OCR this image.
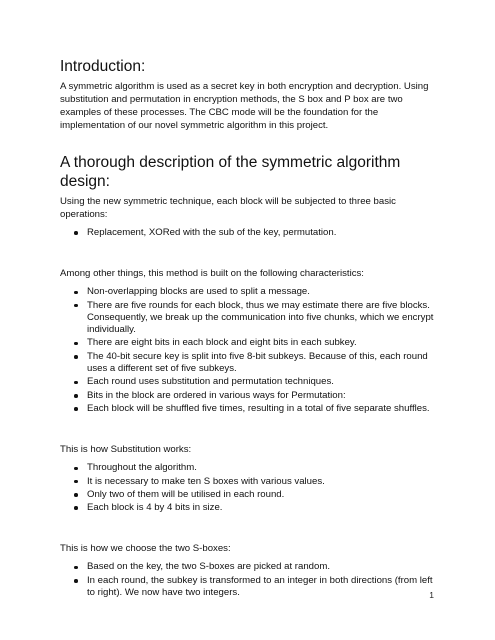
Introduction:

A symmetric algorithm is used as a secret key in both encryption and decryption. Using substitution and permutation in encryption methods, the S box and P box are two examples of these processes. The CBC mode will be the foundation for the implementation of our novel symmetric algorithm in this project.

A thorough description of the symmetric algorithm design:

Using the new symmetric technique, each block will be subjected to three basic operations:

Replacement, XORed with the sub of the key, permutation.

Among other things, this method is built on the following characteristics:

Non-overlapping blocks are used to split a message.
There are five rounds for each block, thus we may estimate there are five blocks. Consequently, we break up the communication into five chunks, which we encrypt individually.
There are eight bits in each block and eight bits in each subkey.
The 40-bit secure key is split into five 8-bit subkeys. Because of this, each round uses a different set of five subkeys.
Each round uses substitution and permutation techniques.
Bits in the block are ordered in various ways for Permutation:
Each block will be shuffled five times, resulting in a total of five separate shuffles.

This is how Substitution works:

Throughout the algorithm.
It is necessary to make ten S boxes with various values.
Only two of them will be utilised in each round.
Each block is 4 by 4 bits in size.

This is how we choose the two S-boxes:

Based on the key, the two S-boxes are picked at random.
In each round, the subkey is transformed to an integer in both directions (from left to right). We now have two integers.	1
